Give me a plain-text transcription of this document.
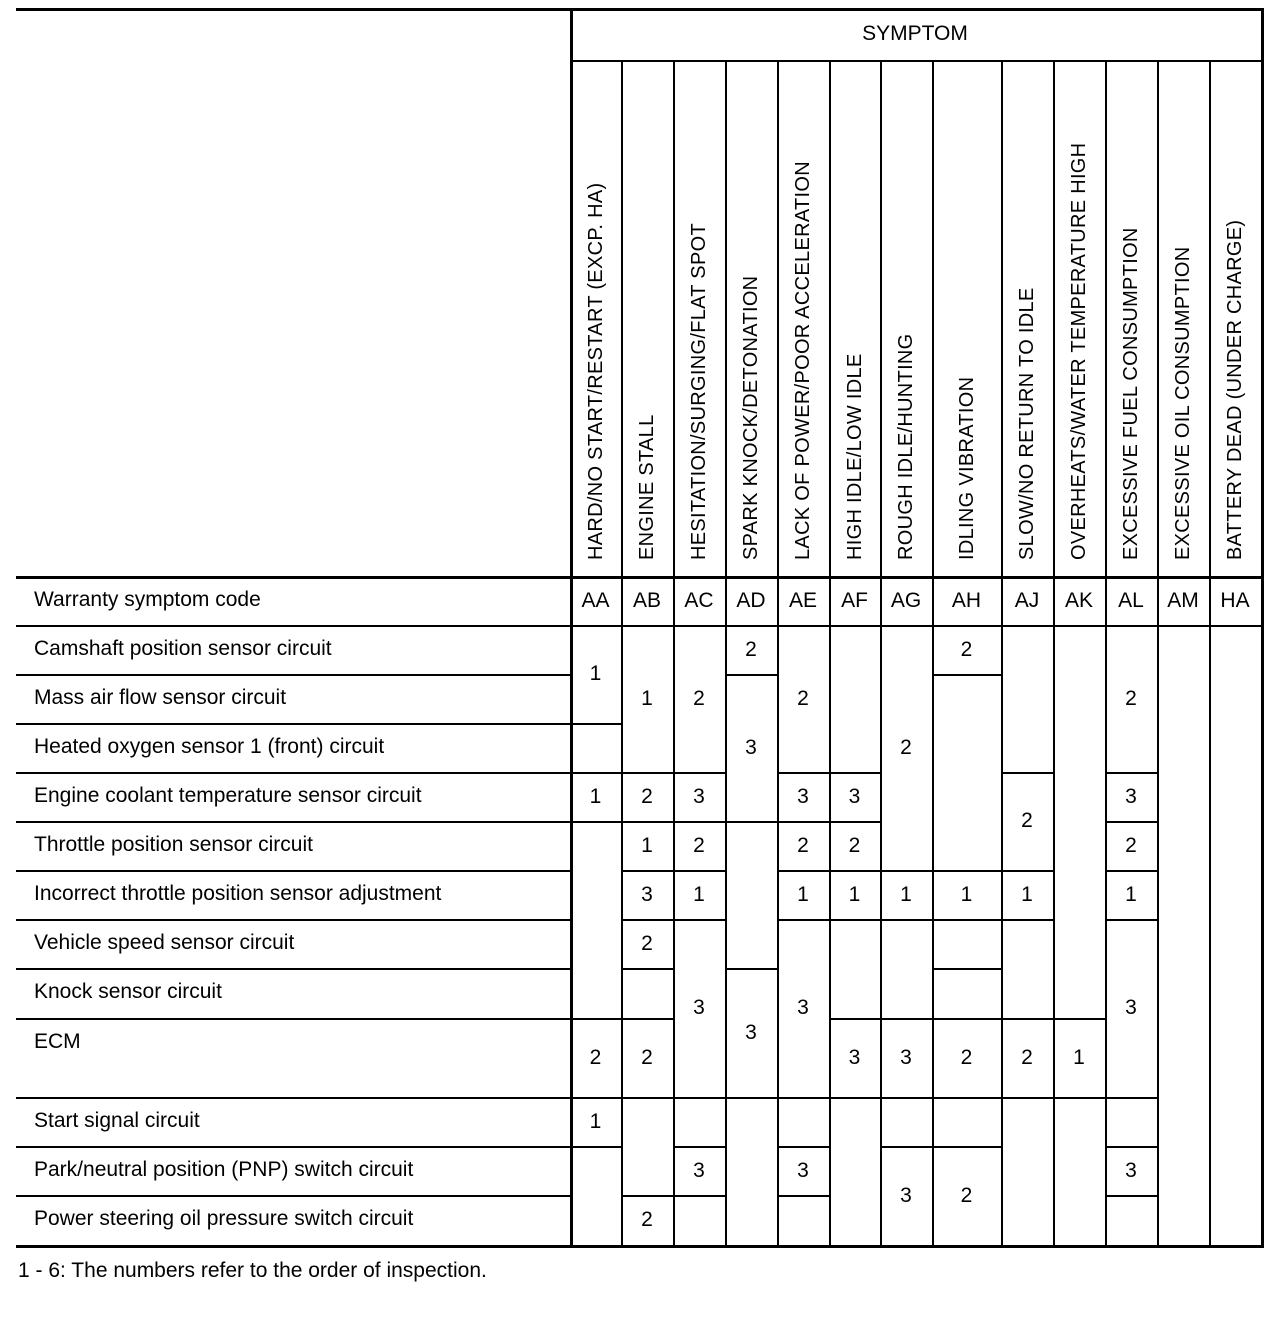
SYMPTOM
1 - 6: The numbers refer to the order of inspection.
HARD/NO START/RESTART (EXCP. HA)
AA
ENGINE STALL
AB
HESITATION/SURGING/FLAT SPOT
AC
SPARK KNOCK/DETONATION
AD
LACK OF POWER/POOR ACCELERATION
AE
HIGH IDLE/LOW IDLE
AF
ROUGH IDLE/HUNTING
AG
IDLING VIBRATION
AH
SLOW/NO RETURN TO IDLE
AJ
OVERHEATS/WATER TEMPERATURE HIGH
AK
EXCESSIVE FUEL CONSUMPTION
AL
EXCESSIVE OIL CONSUMPTION
AM
BATTERY DEAD (UNDER CHARGE)
HA
Warranty symptom code
Camshaft position sensor circuit
Mass air flow sensor circuit
Heated oxygen sensor 1 (front) circuit
Engine coolant temperature sensor circuit
Throttle position sensor circuit
Incorrect throttle position sensor adjustment
Vehicle speed sensor circuit
Knock sensor circuit
ECM
Start signal circuit
Park/neutral position (PNP) switch circuit
Power steering oil pressure switch circuit
1
1
2
1
1
2
1
3
2
2
2
2
3
2
1
3
3
2
3
3
2
3
2
1
3
3
3
2
1
3
2
1
3
3
2
1
2
2
2
1
2	1
2
3
2
1
3
3
